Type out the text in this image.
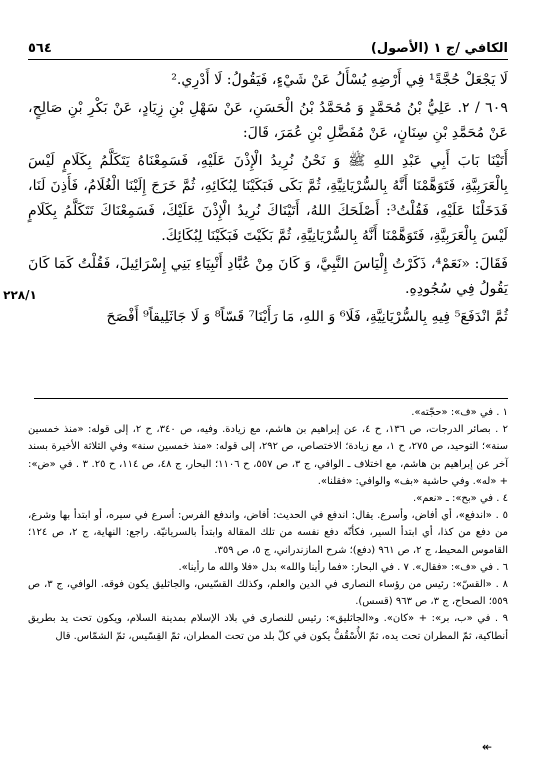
الكافي /ج ١ (الأصول)
٥٦٤

لَا يَجْعَلْ حُجَّةً¹ فِي أَرْضِهِ يُسْأَلُ عَنْ شَيْءٍ، فَيَقُولُ: لَا أَدْرِي.²

٦٠٩ / ٢. عَلِيُّ بْنُ مُحَمَّدٍ وَ مُحَمَّدُ بْنُ الْحَسَنِ، عَنْ سَهْلِ بْنِ زِيَادٍ، عَنْ بَكْرِ بْنِ صَالِحٍ، عَنْ مُحَمَّدِ بْنِ سِنَانٍ، عَنْ مُفَضَّلِ بْنِ عُمَرَ، قَالَ:

أَتَيْنَا بَابَ أَبِي عَبْدِ اللهِ ﷺ وَ نَحْنُ نُرِيدُ الْإِذْنَ عَلَيْهِ، فَسَمِعْنَاهُ يَتَكَلَّمُ بِكَلَامٍ لَيْسَ بِالْعَرَبِيَّةِ، فَتَوَهَّمْنَا أَنَّهُ بِالسُّرْيَانِيَّةِ، ثُمَّ بَكَى فَبَكَيْنَا لِبُكَائِهِ، ثُمَّ خَرَجَ إِلَيْنَا الْغُلَامُ، فَأَذِنَ لَنَا، فَدَخَلْنَا عَلَيْهِ، فَقُلْتُ³: أَصْلَحَكَ اللهُ، أَتَيْنَاكَ نُرِيدُ الْإِذْنَ عَلَيْكَ، فَسَمِعْنَاكَ تَتَكَلَّمُ بِكَلَامٍ لَيْسَ بِالْعَرَبِيَّةِ، فَتَوَهَّمْنَا أَنَّهُ بِالسُّرْيَانِيَّةِ، ثُمَّ بَكَيْتَ فَبَكَيْنَا لِبُكَائِكَ.

فَقَالَ: «نَعَمْ⁴، ذَكَرْتُ إِلْيَاسَ النَّبِيَّ، وَ كَانَ مِنْ عُبَّادِ أَنْبِيَاءِ بَنِي إِسْرَائِيلَ، فَقُلْتُ كَمَا كَانَ يَقُولُ فِي سُجُودِهِ.

ثُمَّ انْدَفَعَ⁵ فِيهِ بِالسُّرْيَانِيَّةِ، فَلَا⁶ وَ اللهِ، مَا رَأَيْنَا⁷ قَسّاً⁸ وَ لَا جَاثَلِيقاً⁹ أَفْصَحَ

٢٢٨/١

١ . في «ف»: «حجّته».

٢ . بصائر الدرجات، ص ١٣٦، ح ٤، عن إبراهيم بن هاشم، مع زيادة. وفيه، ص ٣٤٠، ح ٢، إلى قوله: «منذ خمسين سنة»؛ التوحيد، ص ٢٧٥، ح ١، مع زيادة؛ الاختصاص، ص ٢٩٢، إلى قوله: «منذ خمسين سنة» وفي الثلاثة الأخيرة بسند آخر عن إبراهيم بن هاشم، مع اختلاف ـ الوافي، ج ٣، ص ٥٥٧، ح ١١٠٦؛ البحار، ج ٤٨، ص ١١٤، ح ٢٥. ٣ . في «ض»: + «له». وفي حاشية «بف» والوافي: «فقلنا».

٤ . في «بح»: ـ «نعم».

٥ . «اندفع»، أي أفاض، وأسرع. يقال: اندفع في الحديث: أفاض، واندفع الفرس: أسرع في سيره، أو ابتدأ بها وشرع، من دفع من كذا، أي ابتدأ السير، فكأنّه دفع نفسه من تلك المقالة وابتدأ بالسريانيّة. راجع: النهاية، ج ٢، ص ١٢٤؛ القاموس المحيط، ج ٢، ص ٩٦١ (دفع)؛ شرح المازندراني، ج ٥، ص ٣٥٩.

٦ . في «ف»: «فقال». ٧ . في البحار: «فما رأينا والله» بدل «فلا والله ما رأينا».

٨ . «القسّ»: رئيس من رؤساء النصارى في الدين والعلم، وكذلك القسّيس، والجاثليق يكون فوقه. الوافي، ج ٣، ص ٥٥٩؛ الصحاح، ج ٣، ص ٩٦٣ (قسس).

٩ . في «ب، بر»: + «كان». و«الجاثليق»: رئيس للنصارى في بلاد الإسلام بمدينة السلام، ويكون تحت يد بطريق أنطاكية، ثمّ المطران تحت يده، ثمّ الأُسْقُفُّ يكون في كلّ بلد من تحت المطران، ثمّ القِسّيس، ثمّ الشمّاس. قال

↞
